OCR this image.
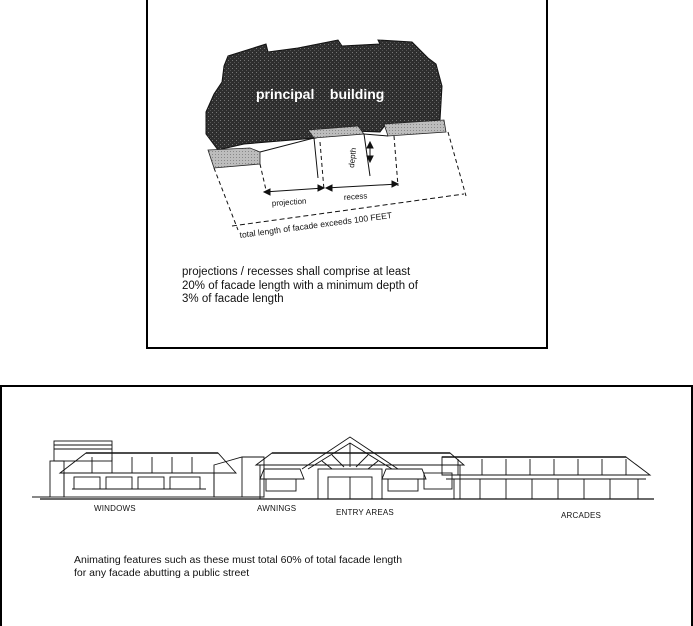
principal    building
depth
projection	recess
total length of facade exceeds 100 FEET

projections / recesses shall comprise at least
20% of facade length with a minimum depth of
3% of facade length

WINDOWS	AWNINGS	ENTRY AREAS	ARCADES

Animating features such as these must total 60% of total facade length
for any facade abutting a public street
